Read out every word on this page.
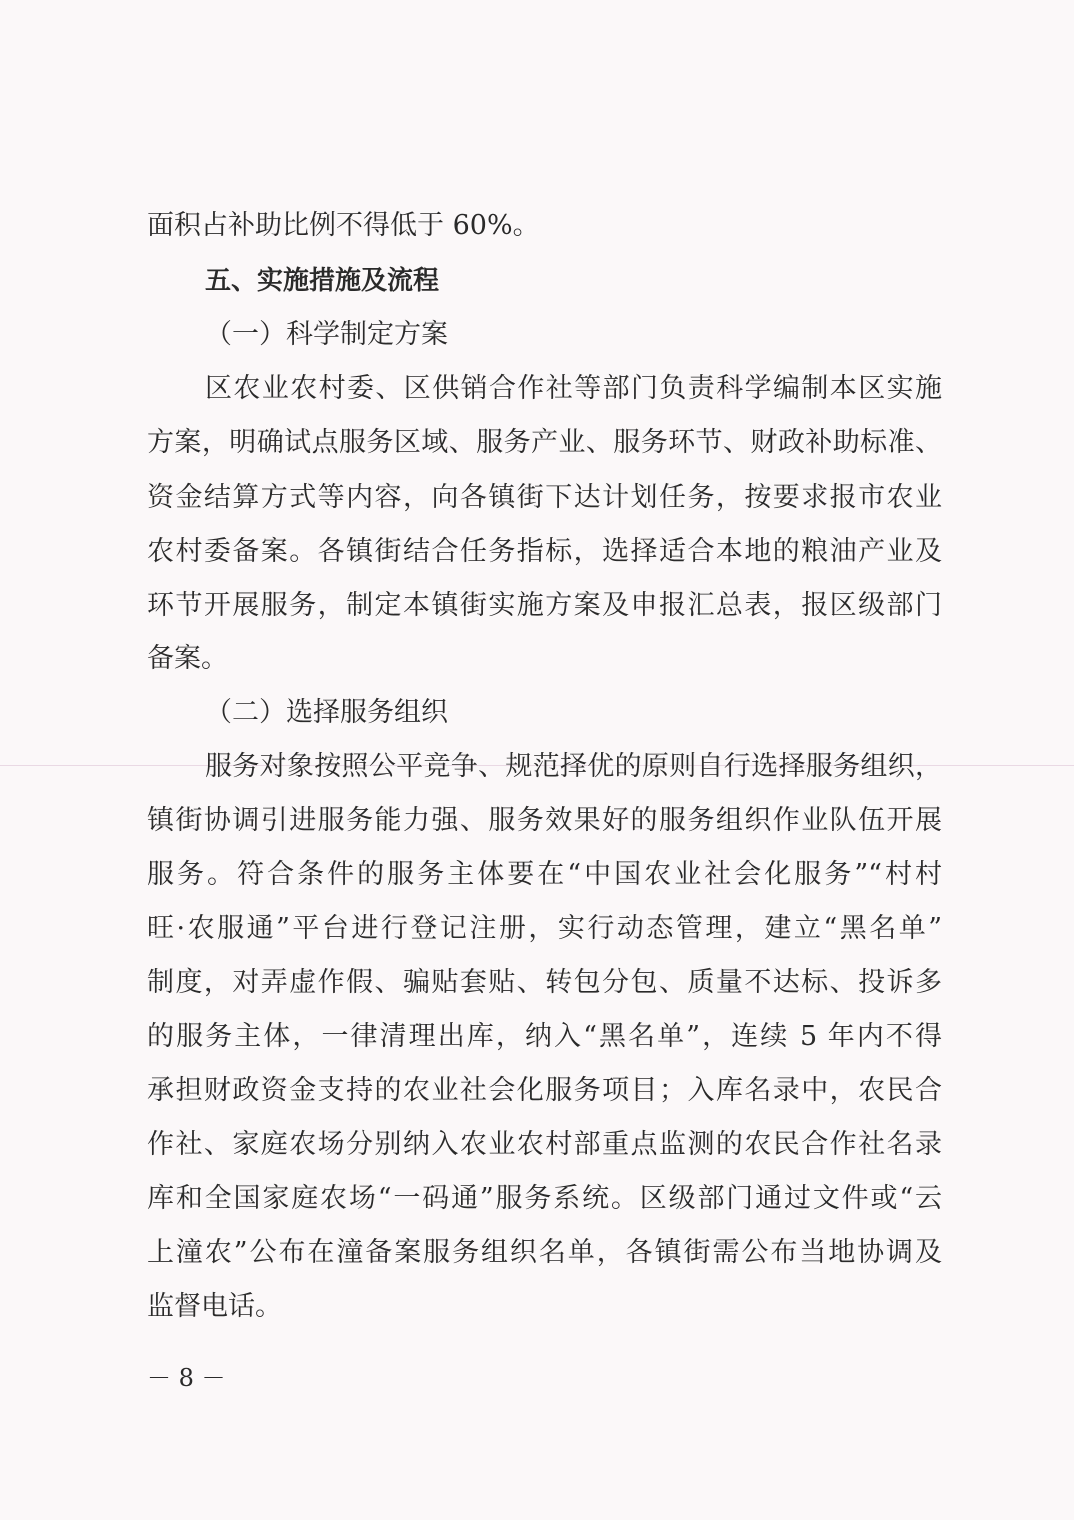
面积占补助比例不得低于 60%。
五、实施措施及流程
（一）科学制定方案
区农业农村委、区供销合作社等部门负责科学编制本区实施
方案，明确试点服务区域、服务产业、服务环节、财政补助标准、
资金结算方式等内容，向各镇街下达计划任务，按要求报市农业
农村委备案。各镇街结合任务指标，选择适合本地的粮油产业及
环节开展服务，制定本镇街实施方案及申报汇总表，报区级部门
备案。
（二）选择服务组织
服务对象按照公平竞争、规范择优的原则自行选择服务组织，
镇街协调引进服务能力强、服务效果好的服务组织作业队伍开展
服务。符合条件的服务主体要在“中国农业社会化服务”“村村
旺·农服通”平台进行登记注册，实行动态管理，建立“黑名单”
制度，对弄虚作假、骗贴套贴、转包分包、质量不达标、投诉多
的服务主体，一律清理出库，纳入“黑名单”，连续 5 年内不得
承担财政资金支持的农业社会化服务项目；入库名录中，农民合
作社、家庭农场分别纳入农业农村部重点监测的农民合作社名录
库和全国家庭农场“一码通”服务系统。区级部门通过文件或“云
上潼农”公布在潼备案服务组织名单，各镇街需公布当地协调及
监督电话。
－ 8 －
